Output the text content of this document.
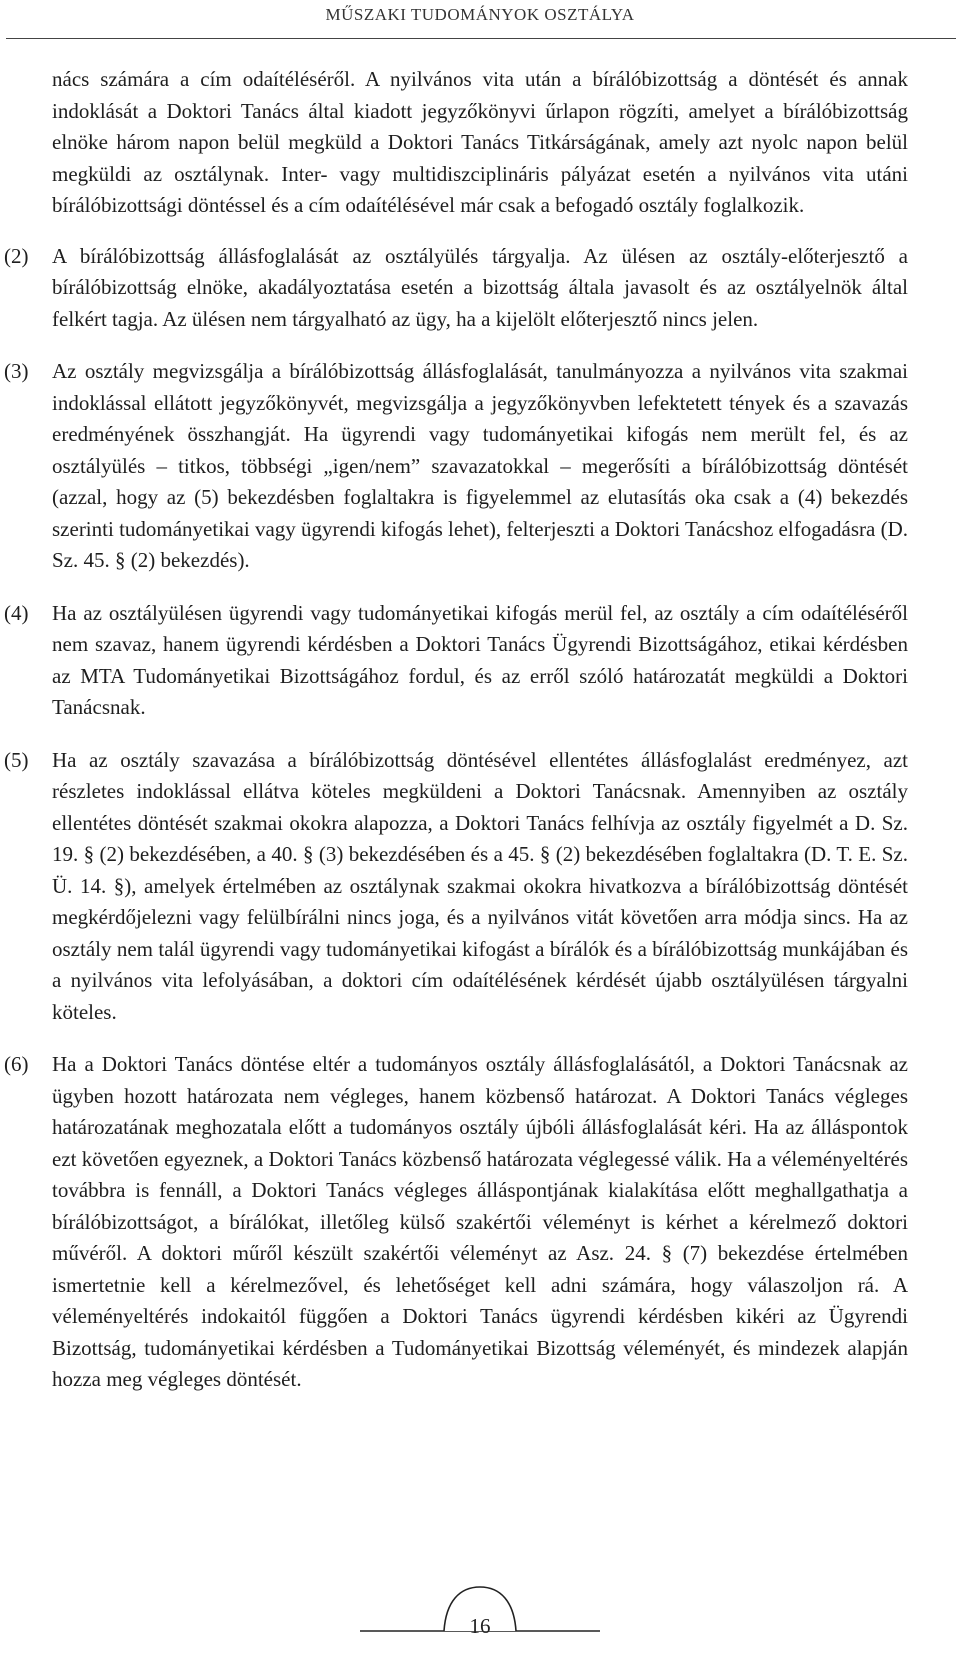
MŰSZAKI TUDOMÁNYOK OSZTÁLYA

nács számára a cím odaítéléséről. A nyilvános vita után a bírálóbizottság a döntését és annak indoklását a Doktori Tanács által kiadott jegyzőkönyvi űrlapon rögzíti, amelyet a bírálóbizottság elnöke három napon belül megküld a Doktori Tanács Titkárságának, amely azt nyolc napon belül megküldi az osztálynak. Inter- vagy multidiszciplináris pályázat esetén a nyilvános vita utáni bírálóbizottsági döntéssel és a cím odaítélésével már csak a befogadó osztály foglalkozik.

(2)	A bírálóbizottság állásfoglalását az osztályülés tárgyalja. Az ülésen az osztály-előterjesztő a bírálóbizottság elnöke, akadályoztatása esetén a bizottság általa javasolt és az osztályelnök által felkért tagja. Az ülésen nem tárgyalható az ügy, ha a kijelölt előterjesztő nincs jelen.

(3)	Az osztály megvizsgálja a bírálóbizottság állásfoglalását, tanulmányozza a nyilvános vita szakmai indoklással ellátott jegyzőkönyvét, megvizsgálja a jegyzőkönyvben lefektetett tények és a szavazás eredményének összhangját. Ha ügyrendi vagy tudományetikai kifogás nem merült fel, és az osztályülés – titkos, többségi „igen/nem” szavazatokkal – megerősíti a bírálóbizottság döntését (azzal, hogy az (5) bekezdésben foglaltakra is figyelemmel az elutasítás oka csak a (4) bekezdés szerinti tudományetikai vagy ügyrendi kifogás lehet), felterjeszti a Doktori Tanácshoz elfogadásra (D. Sz. 45. § (2) bekezdés).

(4)	Ha az osztályülésen ügyrendi vagy tudományetikai kifogás merül fel, az osztály a cím odaítéléséről nem szavaz, hanem ügyrendi kérdésben a Doktori Tanács Ügyrendi Bizottságához, etikai kérdésben az MTA Tudományetikai Bizottságához fordul, és az erről szóló határozatát megküldi a Doktori Tanácsnak.

(5)	Ha az osztály szavazása a bírálóbizottság döntésével ellentétes állásfoglalást eredményez, azt részletes indoklással ellátva köteles megküldeni a Doktori Tanácsnak. Amennyiben az osztály ellentétes döntését szakmai okokra alapozza, a Doktori Tanács felhívja az osztály figyelmét a D. Sz. 19. § (2) bekezdésében, a 40. § (3) bekezdésében és a 45. § (2) bekezdésében foglaltakra (D. T. E. Sz. Ü. 14. §), amelyek értelmében az osztálynak szakmai okokra hivatkozva a bírálóbizottság döntését megkérdőjelezni vagy felülbírálni nincs joga, és a nyilvános vitát követően arra módja sincs. Ha az osztály nem talál ügyrendi vagy tudományetikai kifogást a bírálók és a bírálóbizottság munkájában és a nyilvános vita lefolyásában, a doktori cím odaítélésének kérdését újabb osztályülésen tárgyalni köteles.

(6)	Ha a Doktori Tanács döntése eltér a tudományos osztály állásfoglalásától, a Doktori Tanácsnak az ügyben hozott határozata nem végleges, hanem közbenső határozat. A Doktori Tanács végleges határozatának meghozatala előtt a tudományos osztály újbóli állásfoglalását kéri. Ha az álláspontok ezt követően egyeznek, a Doktori Tanács közbenső határozata véglegessé válik. Ha a véleményeltérés továbbra is fennáll, a Doktori Tanács végleges álláspontjának kialakítása előtt meghallgathatja a bírálóbizottságot, a bírálókat, illetőleg külső szakértői véleményt is kérhet a kérelmező doktori művéről. A doktori műről készült szakértői véleményt az Asz. 24. § (7) bekezdése értelmében ismertetnie kell a kérelmezővel, és lehetőséget kell adni számára, hogy válaszoljon rá. A véleményeltérés indokaitól függően a Doktori Tanács ügyrendi kérdésben kikéri az Ügyrendi Bizottság, tudományetikai kérdésben a Tudományetikai Bizottság véleményét, és mindezek alapján hozza meg végleges döntését.

16
